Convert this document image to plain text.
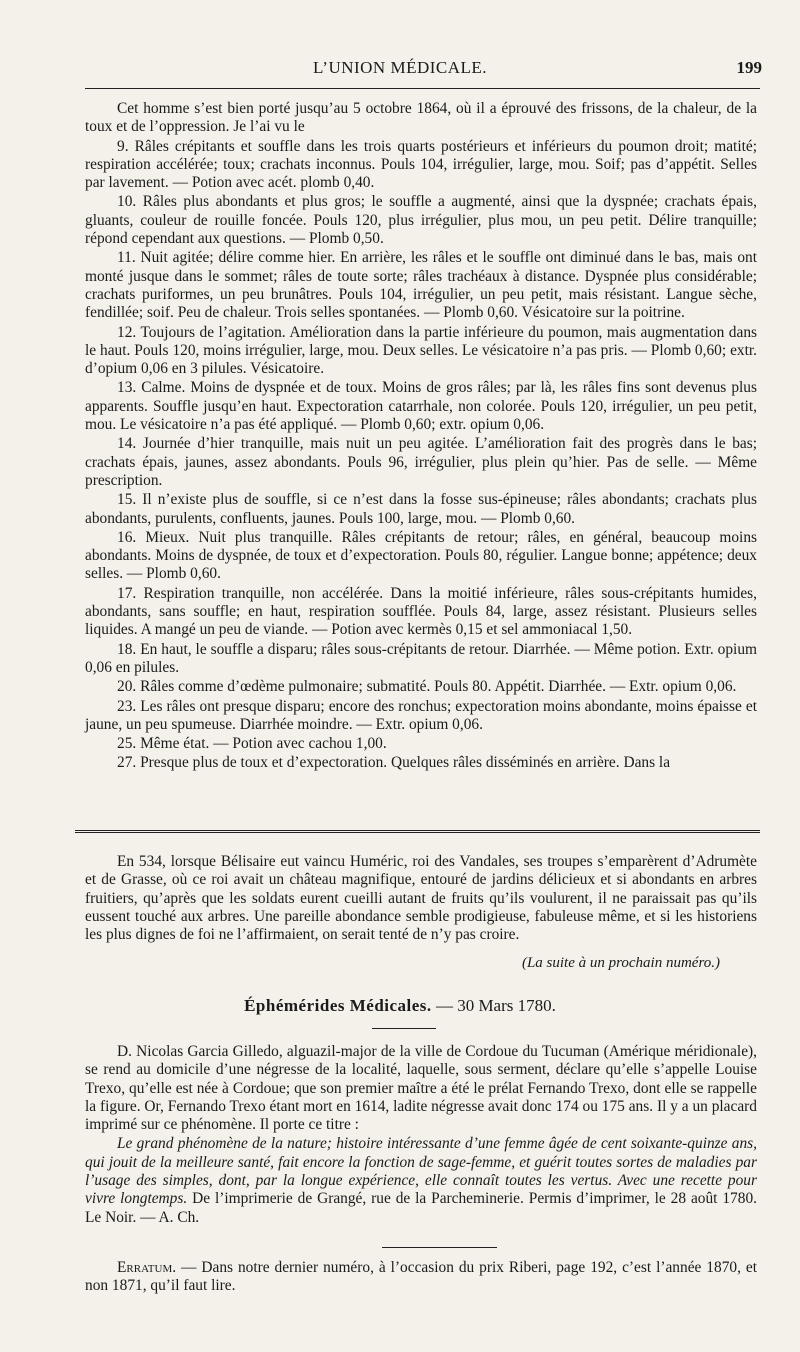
L’UNION MÉDICALE.	199

Cet homme s’est bien porté jusqu’au 5 octobre 1864, où il a éprouvé des frissons, de la chaleur, de la toux et de l’oppression. Je l’ai vu le

9. Râles crépitants et souffle dans les trois quarts postérieurs et inférieurs du poumon droit; matité; respiration accélérée; toux; crachats inconnus. Pouls 104, irrégulier, large, mou. Soif; pas d’appétit. Selles par lavement. — Potion avec acét. plomb 0,40.

10. Râles plus abondants et plus gros; le souffle a augmenté, ainsi que la dyspnée; crachats épais, gluants, couleur de rouille foncée. Pouls 120, plus irrégulier, plus mou, un peu petit. Délire tranquille; répond cependant aux questions. — Plomb 0,50.

11. Nuit agitée; délire comme hier. En arrière, les râles et le souffle ont diminué dans le bas, mais ont monté jusque dans le sommet; râles de toute sorte; râles trachéaux à distance. Dyspnée plus considérable; crachats puriformes, un peu brunâtres. Pouls 104, irrégulier, un peu petit, mais résistant. Langue sèche, fendillée; soif. Peu de chaleur. Trois selles spontanées. — Plomb 0,60. Vésicatoire sur la poitrine.

12. Toujours de l’agitation. Amélioration dans la partie inférieure du poumon, mais augmentation dans le haut. Pouls 120, moins irrégulier, large, mou. Deux selles. Le vésicatoire n’a pas pris. — Plomb 0,60; extr. d’opium 0,06 en 3 pilules. Vésicatoire.

13. Calme. Moins de dyspnée et de toux. Moins de gros râles; par là, les râles fins sont devenus plus apparents. Souffle jusqu’en haut. Expectoration catarrhale, non colorée. Pouls 120, irrégulier, un peu petit, mou. Le vésicatoire n’a pas été appliqué. — Plomb 0,60; extr. opium 0,06.

14. Journée d’hier tranquille, mais nuit un peu agitée. L’amélioration fait des progrès dans le bas; crachats épais, jaunes, assez abondants. Pouls 96, irrégulier, plus plein qu’hier. Pas de selle. — Même prescription.

15. Il n’existe plus de souffle, si ce n’est dans la fosse sus-épineuse; râles abondants; crachats plus abondants, purulents, confluents, jaunes. Pouls 100, large, mou. — Plomb 0,60.

16. Mieux. Nuit plus tranquille. Râles crépitants de retour; râles, en général, beaucoup moins abondants. Moins de dyspnée, de toux et d’expectoration. Pouls 80, régulier. Langue bonne; appétence; deux selles. — Plomb 0,60.

17. Respiration tranquille, non accélérée. Dans la moitié inférieure, râles sous-crépitants humides, abondants, sans souffle; en haut, respiration soufflée. Pouls 84, large, assez résistant. Plusieurs selles liquides. A mangé un peu de viande. — Potion avec kermès 0,15 et sel ammoniacal 1,50.

18. En haut, le souffle a disparu; râles sous-crépitants de retour. Diarrhée. — Même potion. Extr. opium 0,06 en pilules.

20. Râles comme d’œdème pulmonaire; submatité. Pouls 80. Appétit. Diarrhée. — Extr. opium 0,06.

23. Les râles ont presque disparu; encore des ronchus; expectoration moins abondante, moins épaisse et jaune, un peu spumeuse. Diarrhée moindre. — Extr. opium 0,06.

25. Même état. — Potion avec cachou 1,00.

27. Presque plus de toux et d’expectoration. Quelques râles disséminés en arrière. Dans la

En 534, lorsque Bélisaire eut vaincu Huméric, roi des Vandales, ses troupes s’emparèrent d’Adrumète et de Grasse, où ce roi avait un château magnifique, entouré de jardins délicieux et si abondants en arbres fruitiers, qu’après que les soldats eurent cueilli autant de fruits qu’ils voulurent, il ne paraissait pas qu’ils eussent touché aux arbres. Une pareille abondance semble prodigieuse, fabuleuse même, et si les historiens les plus dignes de foi ne l’affirmaient, on serait tenté de n’y pas croire.

(La suite à un prochain numéro.)
Éphémérides Médicales. — 30 Mars 1780.

D. Nicolas Garcia Gilledo, alguazil-major de la ville de Cordoue du Tucuman (Amérique méridionale), se rend au domicile d’une négresse de la localité, laquelle, sous serment, déclare qu’elle s’appelle Louise Trexo, qu’elle est née à Cordoue; que son premier maître a été le prélat Fernando Trexo, dont elle se rappelle la figure. Or, Fernando Trexo étant mort en 1614, ladite négresse avait donc 174 ou 175 ans. Il y a un placard imprimé sur ce phénomène. Il porte ce titre :

Le grand phénomène de la nature; histoire intéressante d’une femme âgée de cent soixante-quinze ans, qui jouit de la meilleure santé, fait encore la fonction de sage-femme, et guérit toutes sortes de maladies par l’usage des simples, dont, par la longue expérience, elle connaît toutes les vertus. Avec une recette pour vivre longtemps. De l’imprimerie de Grangé, rue de la Parcheminerie. Permis d’imprimer, le 28 août 1780. Le Noir. — A. Ch.

Erratum. — Dans notre dernier numéro, à l’occasion du prix Riberi, page 192, c’est l’année 1870, et non 1871, qu’il faut lire.
